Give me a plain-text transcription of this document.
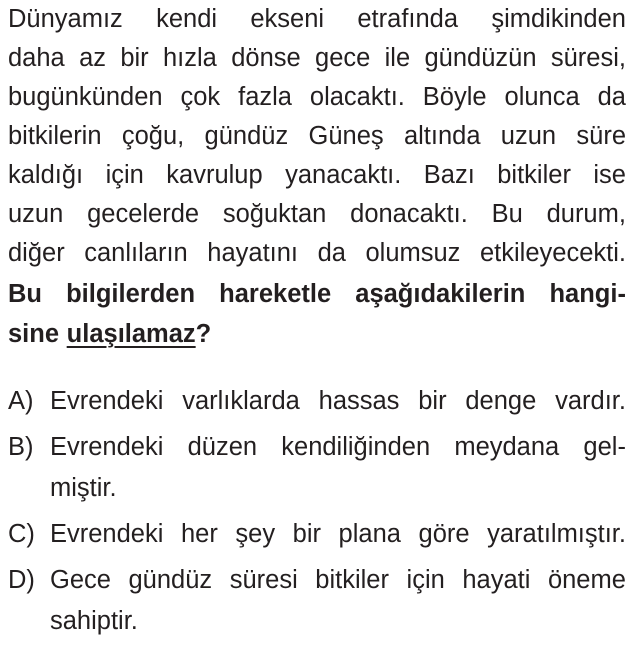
Dünyamız kendi ekseni etrafında şimdikinden
daha az bir hızla dönse gece ile gündüzün süresi,
bugünkünden çok fazla olacaktı. Böyle olunca da
bitkilerin çoğu, gündüz Güneş altında uzun süre
kaldığı için kavrulup yanacaktı. Bazı bitkiler ise
uzun gecelerde soğuktan donacaktı. Bu durum,
diğer canlıların hayatını da olumsuz etkileyecekti.
Bu bilgilerden hareketle aşağıdakilerin hangi-
sine ulaşılamaz ?
A) Evrendeki varlıklarda hassas bir denge vardır.
B) Evrendeki düzen kendiliğinden meydana gel-
miştir.
C) Evrendeki her şey bir plana göre yaratılmıştır.
D) Gece gündüz süresi bitkiler için hayati öneme
sahiptir.
